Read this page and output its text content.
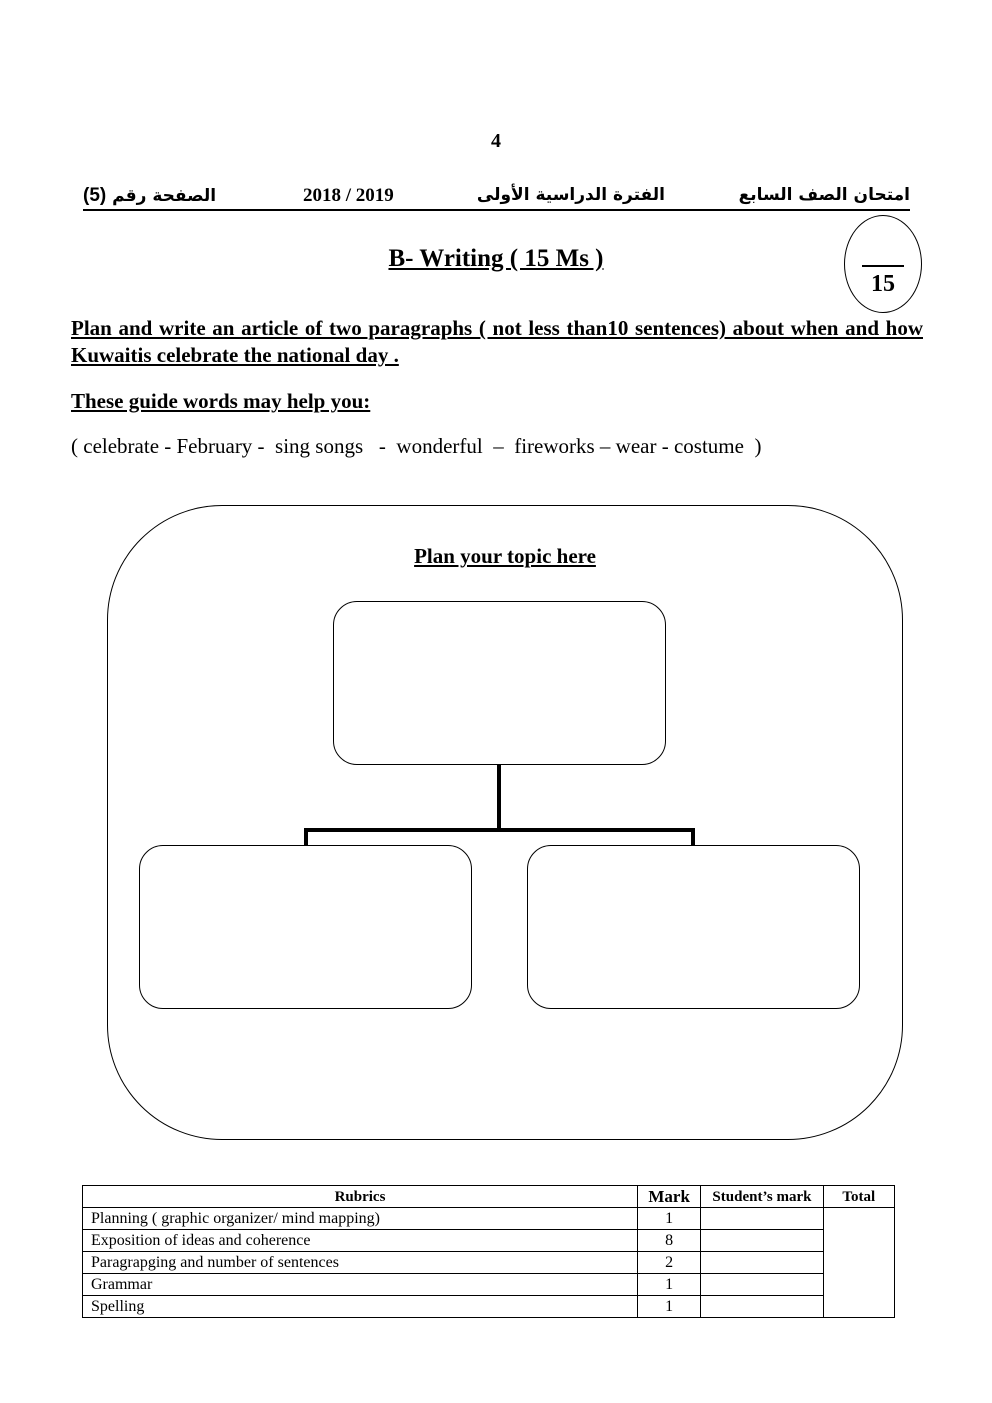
4
امتحان الصف السابع
الفترة الدراسية الأولى
2018 / 2019
الصفحة رقم (5)
B- Writing ( 15 Ms )
15
Plan and write an article of two paragraphs ( not less than10 sentences) about when and how Kuwaitis celebrate the national day .
These guide words may help you:
( celebrate - February -  sing songs   -  wonderful  –  fireworks – wear - costume  )
Plan your topic here
Rubrics	Mark	Student’s mark	Total
Planning ( graphic organizer/ mind mapping)	1		
Exposition of ideas and coherence	8		
Paragrapging and number of sentences	2		
Grammar	1		
Spelling	1		
